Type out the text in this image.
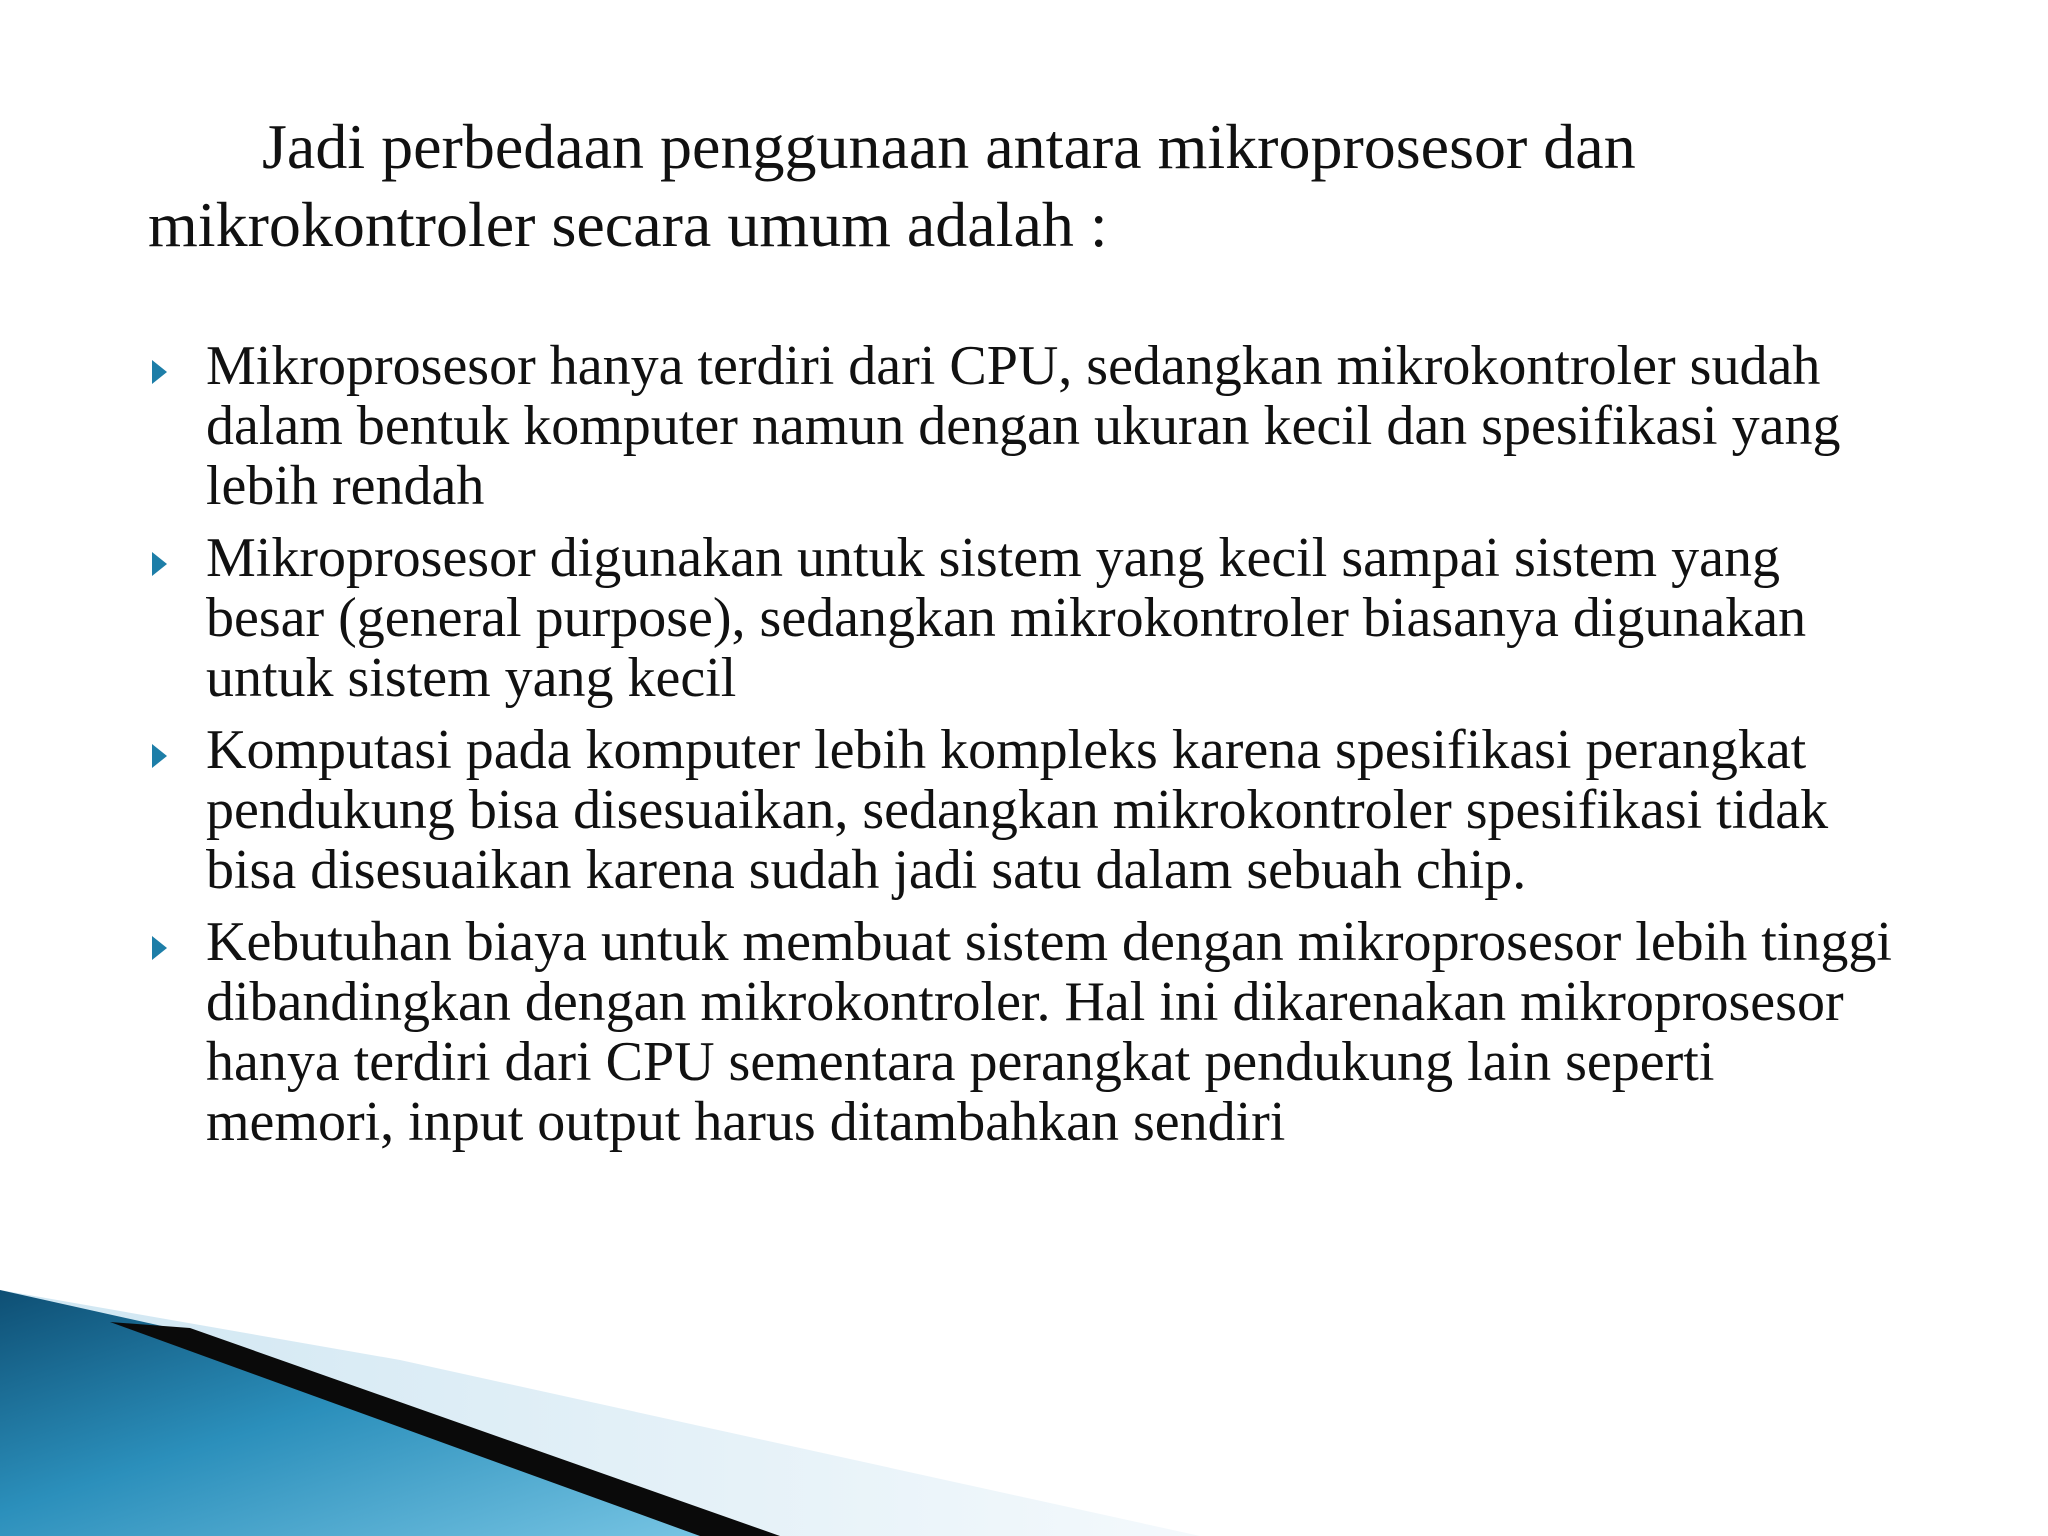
Jadi perbedaan penggunaan antara mikroprosesor dan
mikrokontroler secara umum adalah :

Mikroprosesor hanya terdiri dari CPU, sedangkan mikrokontroler sudah dalam bentuk komputer namun dengan ukuran kecil dan spesifikasi yang lebih rendah
Mikroprosesor digunakan untuk sistem yang kecil sampai sistem yang besar (general purpose), sedangkan mikrokontroler biasanya digunakan untuk sistem yang kecil
Komputasi pada komputer lebih kompleks karena spesifikasi perangkat pendukung bisa disesuaikan, sedangkan mikrokontroler spesifikasi tidak bisa disesuaikan karena sudah jadi satu dalam sebuah chip.
Kebutuhan biaya untuk membuat sistem dengan mikroprosesor lebih tinggi dibandingkan dengan mikrokontroler. Hal ini dikarenakan mikroprosesor hanya terdiri dari CPU sementara perangkat pendukung lain seperti memori, input output harus ditambahkan sendiri
